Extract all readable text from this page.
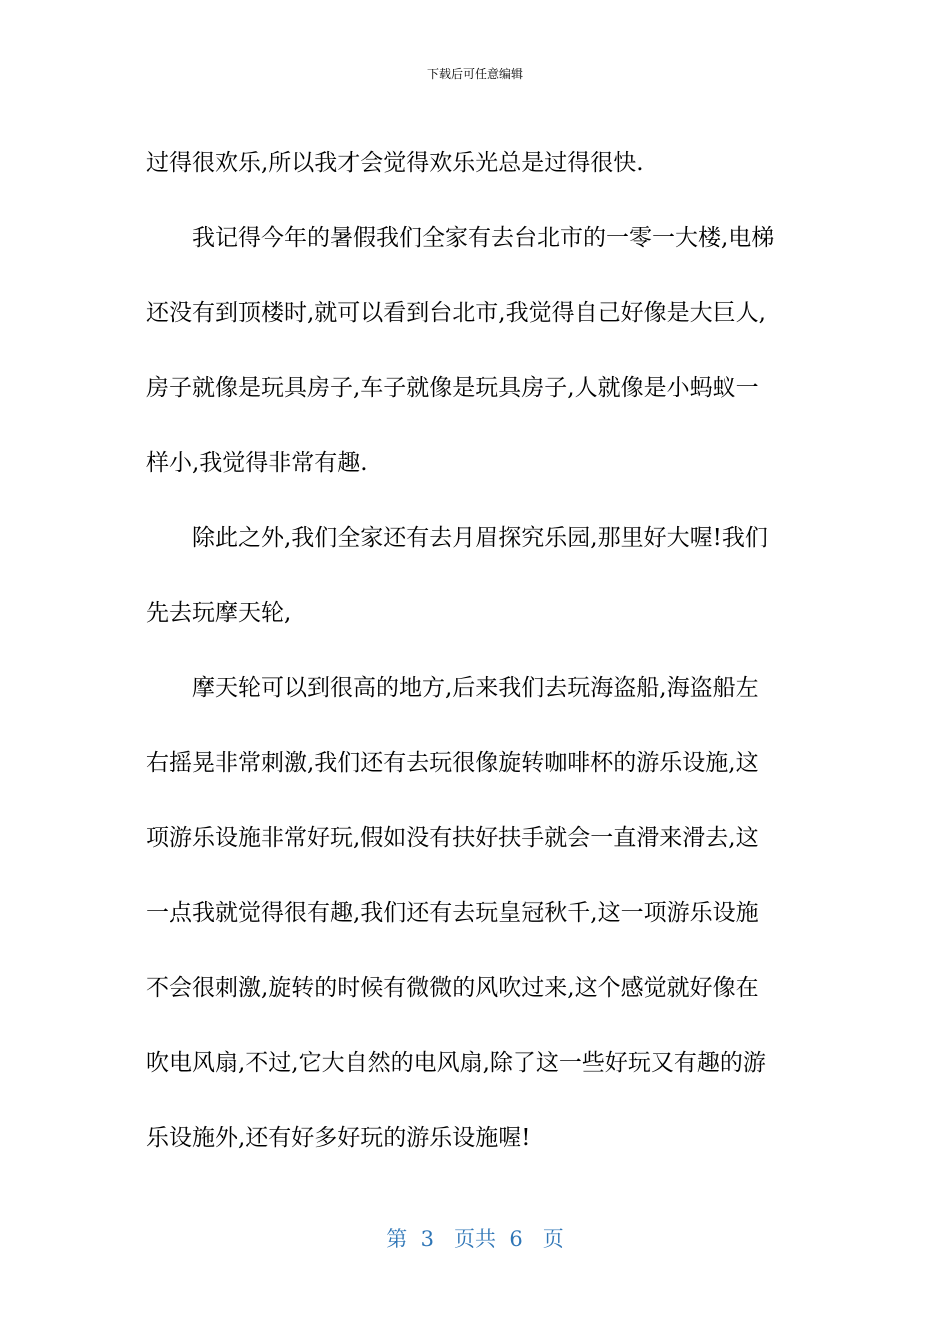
下载后可任意编辑
过得很欢乐,所以我才会觉得欢乐光总是过得很快.
我记得今年的暑假我们全家有去台北市的一零一大楼,电梯
还没有到顶楼时,就可以看到台北市,我觉得自己好像是大巨人,
房子就像是玩具房子,车子就像是玩具房子,人就像是小蚂蚁一
样小,我觉得非常有趣.
除此之外,我们全家还有去月眉探究乐园,那里好大喔!我们
先去玩摩天轮,
摩天轮可以到很高的地方,后来我们去玩海盗船,海盗船左
右摇晃非常刺激,我们还有去玩很像旋转咖啡杯的游乐设施,这
项游乐设施非常好玩,假如没有扶好扶手就会一直滑来滑去,这
一点我就觉得很有趣,我们还有去玩皇冠秋千,这一项游乐设施
不会很刺激,旋转的时候有微微的风吹过来,这个感觉就好像在
吹电风扇,不过,它大自然的电风扇,除了这一些好玩又有趣的游
乐设施外,还有好多好玩的游乐设施喔!
第  3   页共  6   页
